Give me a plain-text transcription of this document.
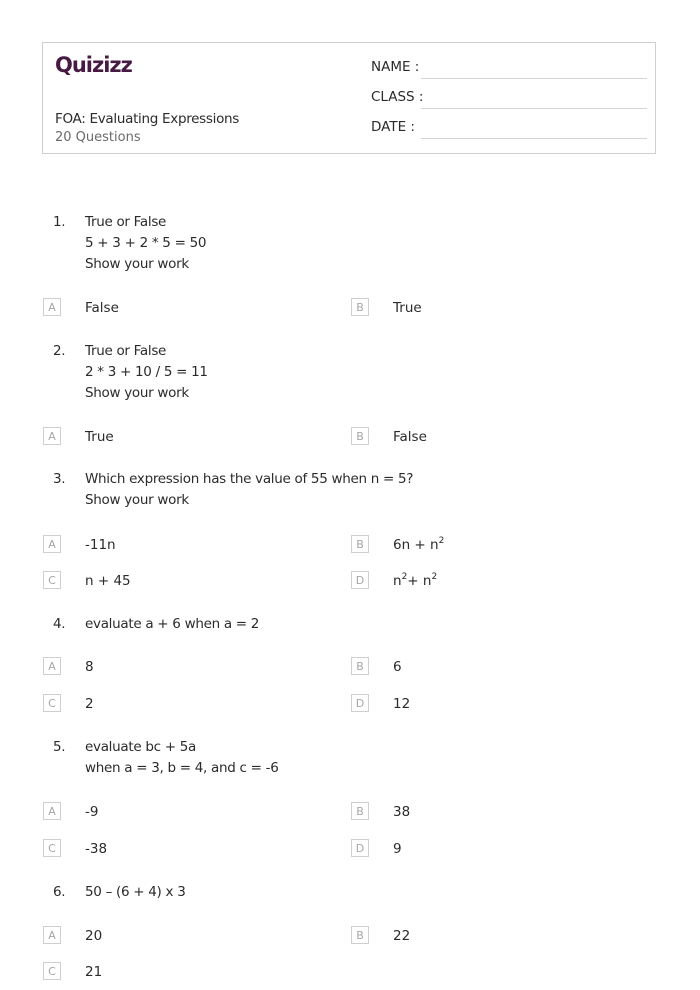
Quizizz
FOA: Evaluating Expressions
20 Questions
NAME :
CLASS :
DATE :
1. True or False
5 + 3 + 2 * 5 = 50
Show your work
A	False	B	True
2. True or False
2 * 3 + 10 / 5 = 11
Show your work
A	True	B	False
3. Which expression has the value of 55 when n = 5?
Show your work
A	-11n	B	$6n + n^2$
C	n + 45	D	$n^2+ n^2$
4. evaluate a + 6 when a = 2
A	8	B	6
C	2	D	12
5. evaluate bc + 5a
when a = 3, b = 4, and c = -6
A	-9	B	38
C	-38	D	9
6. 50 – (6 + 4) x 3
A	20	B	22
C	21
